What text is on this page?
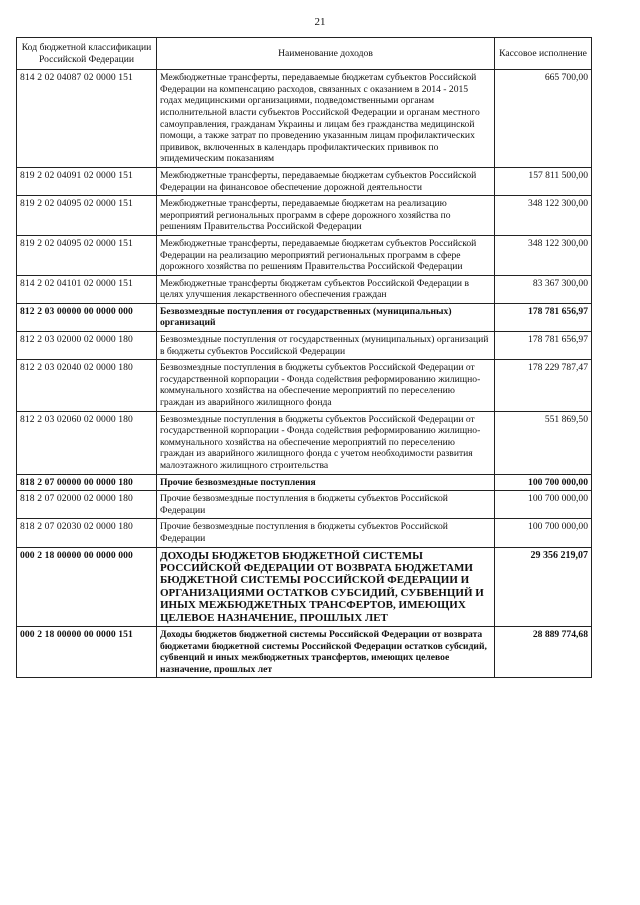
21
Код бюджетной классификации Российской Федерации	Наименование доходов	Кассовое исполнение
814 2 02 04087 02 0000 151	Межбюджетные трансферты, передаваемые бюджетам субъектов Российской Федерации на компенсацию расходов, связанных с оказанием в 2014 - 2015 годах медицинскими организациями, подведомственными органам исполнительной власти субъектов Российской Федерации и органам местного самоуправления, гражданам Украины и лицам без гражданства медицинской помощи, а также затрат по проведению указанным лицам профилактических прививок, включенных в календарь профилактических прививок по эпидемическим показаниям	665 700,00
819 2 02 04091 02 0000 151	Межбюджетные трансферты, передаваемые бюджетам субъектов Российской Федерации на финансовое обеспечение дорожной деятельности	157 811 500,00
819 2 02 04095 02 0000 151	Межбюджетные трансферты, передаваемые бюджетам на реализацию мероприятий региональных программ в сфере дорожного хозяйства по решениям Правительства Российской Федерации	348 122 300,00
819 2 02 04095 02 0000 151	Межбюджетные трансферты, передаваемые бюджетам субъектов Российской Федерации на реализацию мероприятий региональных программ в сфере дорожного хозяйства по решениям Правительства Российской Федерации	348 122 300,00
814 2 02 04101 02 0000 151	Межбюджетные трансферты бюджетам субъектов Российской Федерации в целях улучшения лекарственного обеспечения граждан	83 367 300,00
812 2 03 00000 00 0000 000	Безвозмездные поступления от государственных (муниципальных) организаций	178 781 656,97
812 2 03 02000 02 0000 180	Безвозмездные поступления от государственных (муниципальных) организаций в бюджеты субъектов Российской Федерации	178 781 656,97
812 2 03 02040 02 0000 180	Безвозмездные поступления в бюджеты субъектов Российской Федерации от государственной корпорации - Фонда содействия реформированию жилищно-коммунального хозяйства на обеспечение мероприятий по переселению граждан из аварийного жилищного фонда	178 229 787,47
812 2 03 02060 02 0000 180	Безвозмездные поступления в бюджеты субъектов Российской Федерации от государственной корпорации - Фонда содействия реформированию жилищно-коммунального хозяйства на обеспечение мероприятий по переселению граждан из аварийного жилищного фонда с учетом необходимости развития малоэтажного жилищного строительства	551 869,50
818 2 07 00000 00 0000 180	Прочие безвозмездные поступления	100 700 000,00
818 2 07 02000 02 0000 180	Прочие безвозмездные поступления в бюджеты субъектов Российской Федерации	100 700 000,00
818 2 07 02030 02 0000 180	Прочие безвозмездные поступления в бюджеты субъектов Российской Федерации	100 700 000,00
000 2 18 00000 00 0000 000	ДОХОДЫ БЮДЖЕТОВ БЮДЖЕТНОЙ СИСТЕМЫ РОССИЙСКОЙ ФЕДЕРАЦИИ ОТ ВОЗВРАТА БЮДЖЕТАМИ БЮДЖЕТНОЙ СИСТЕМЫ РОССИЙСКОЙ ФЕДЕРАЦИИ И ОРГАНИЗАЦИЯМИ ОСТАТКОВ СУБСИДИЙ, СУБВЕНЦИЙ И ИНЫХ МЕЖБЮДЖЕТНЫХ ТРАНСФЕРТОВ, ИМЕЮЩИХ ЦЕЛЕВОЕ НАЗНАЧЕНИЕ, ПРОШЛЫХ ЛЕТ	29 356 219,07
000 2 18 00000 00 0000 151	Доходы бюджетов бюджетной системы Российской Федерации от возврата бюджетами бюджетной системы Российской Федерации остатков субсидий, субвенций и иных межбюджетных трансфертов, имеющих целевое назначение, прошлых лет	28 889 774,68
